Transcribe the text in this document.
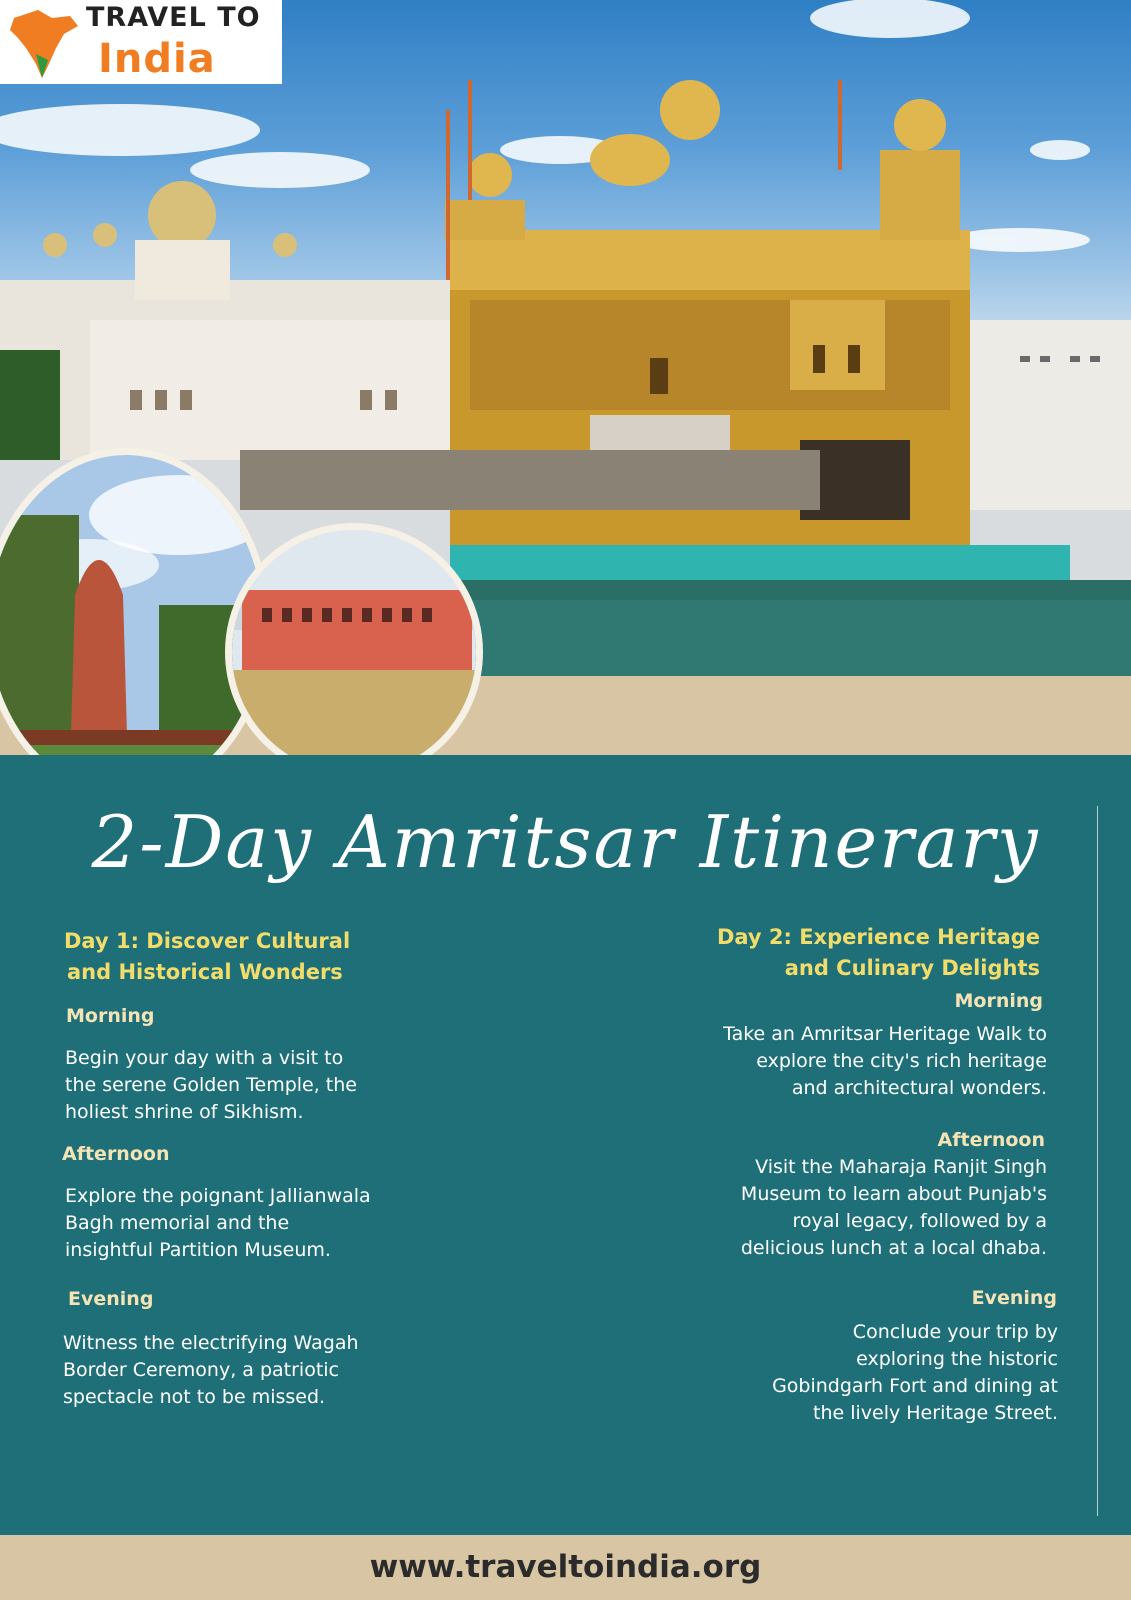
TRAVEL TO
India
2-Day Amritsar Itinerary
Day 1: Discover Cultural
and Historical Wonders
Morning
Begin your day with a visit to
the serene Golden Temple, the
holiest shrine of Sikhism.
Afternoon
Explore the poignant Jallianwala
Bagh memorial and the
insightful Partition Museum.
Evening
Witness the electrifying Wagah
Border Ceremony, a patriotic
spectacle not to be missed.
Day 2: Experience Heritage
and Culinary Delights
Morning
Take an Amritsar Heritage Walk to
explore the city's rich heritage
and architectural wonders.
Afternoon
Visit the Maharaja Ranjit Singh
Museum to learn about Punjab's
royal legacy, followed by a
delicious lunch at a local dhaba.
Evening
Conclude your trip by
exploring the historic
Gobindgarh Fort and dining at
the lively Heritage Street.
www.traveltoindia.org
